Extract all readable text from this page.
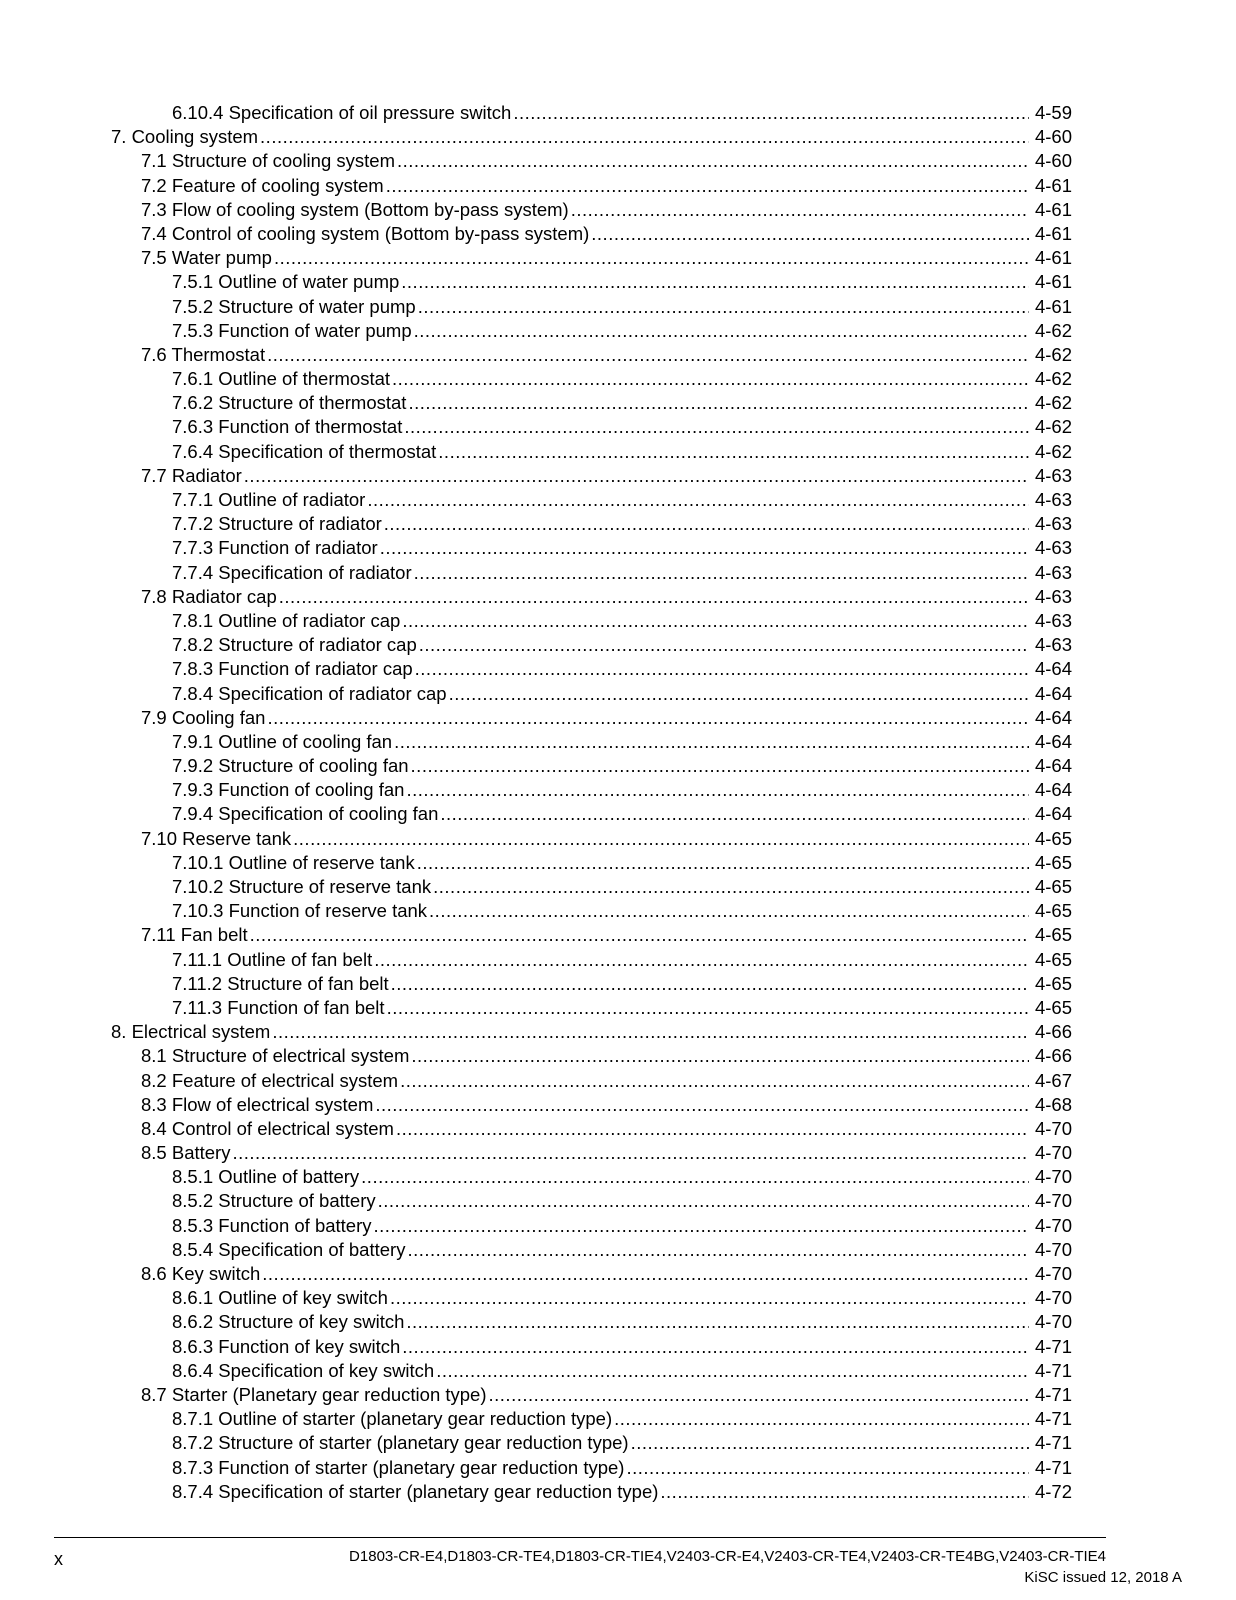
6.10.4 Specification of oil pressure switch .....	4-59
7. Cooling system .....	4-60
7.1 Structure of cooling system .....	4-60
7.2 Feature of cooling system .....	4-61
7.3 Flow of cooling system (Bottom by-pass system) .....	4-61
7.4 Control of cooling system (Bottom by-pass system) .....	4-61
7.5 Water pump .....	4-61
7.5.1 Outline of water pump .....	4-61
7.5.2 Structure of water pump .....	4-61
7.5.3 Function of water pump .....	4-62
7.6 Thermostat .....	4-62
7.6.1 Outline of thermostat .....	4-62
7.6.2 Structure of thermostat .....	4-62
7.6.3 Function of thermostat .....	4-62
7.6.4 Specification of thermostat .....	4-62
7.7 Radiator .....	4-63
7.7.1 Outline of radiator .....	4-63
7.7.2 Structure of radiator .....	4-63
7.7.3 Function of radiator .....	4-63
7.7.4 Specification of radiator .....	4-63
7.8 Radiator cap .....	4-63
7.8.1 Outline of radiator cap .....	4-63
7.8.2 Structure of radiator cap .....	4-63
7.8.3 Function of radiator cap .....	4-64
7.8.4 Specification of radiator cap .....	4-64
7.9 Cooling fan .....	4-64
7.9.1 Outline of cooling fan .....	4-64
7.9.2 Structure of cooling fan .....	4-64
7.9.3 Function of cooling fan .....	4-64
7.9.4 Specification of cooling fan .....	4-64
7.10 Reserve tank .....	4-65
7.10.1 Outline of reserve tank .....	4-65
7.10.2 Structure of reserve tank .....	4-65
7.10.3 Function of reserve tank .....	4-65
7.11 Fan belt .....	4-65
7.11.1 Outline of fan belt .....	4-65
7.11.2 Structure of fan belt .....	4-65
7.11.3 Function of fan belt .....	4-65
8. Electrical system .....	4-66
8.1 Structure of electrical system .....	4-66
8.2 Feature of electrical system .....	4-67
8.3 Flow of electrical system .....	4-68
8.4 Control of electrical system .....	4-70
8.5 Battery .....	4-70
8.5.1 Outline of battery .....	4-70
8.5.2 Structure of battery .....	4-70
8.5.3 Function of battery .....	4-70
8.5.4 Specification of battery .....	4-70
8.6 Key switch .....	4-70
8.6.1 Outline of key switch .....	4-70
8.6.2 Structure of key switch .....	4-70
8.6.3 Function of key switch .....	4-71
8.6.4 Specification of key switch .....	4-71
8.7 Starter (Planetary gear reduction type) .....	4-71
8.7.1 Outline of starter (planetary gear reduction type) .....	4-71
8.7.2 Structure of starter (planetary gear reduction type) .....	4-71
8.7.3 Function of starter (planetary gear reduction type) .....	4-71
8.7.4 Specification of starter (planetary gear reduction type) .....	4-72
x	D1803-CR-E4,D1803-CR-TE4,D1803-CR-TIE4,V2403-CR-E4,V2403-CR-TE4,V2403-CR-TE4BG,V2403-CR-TIE4
KiSC issued 12, 2018 A
